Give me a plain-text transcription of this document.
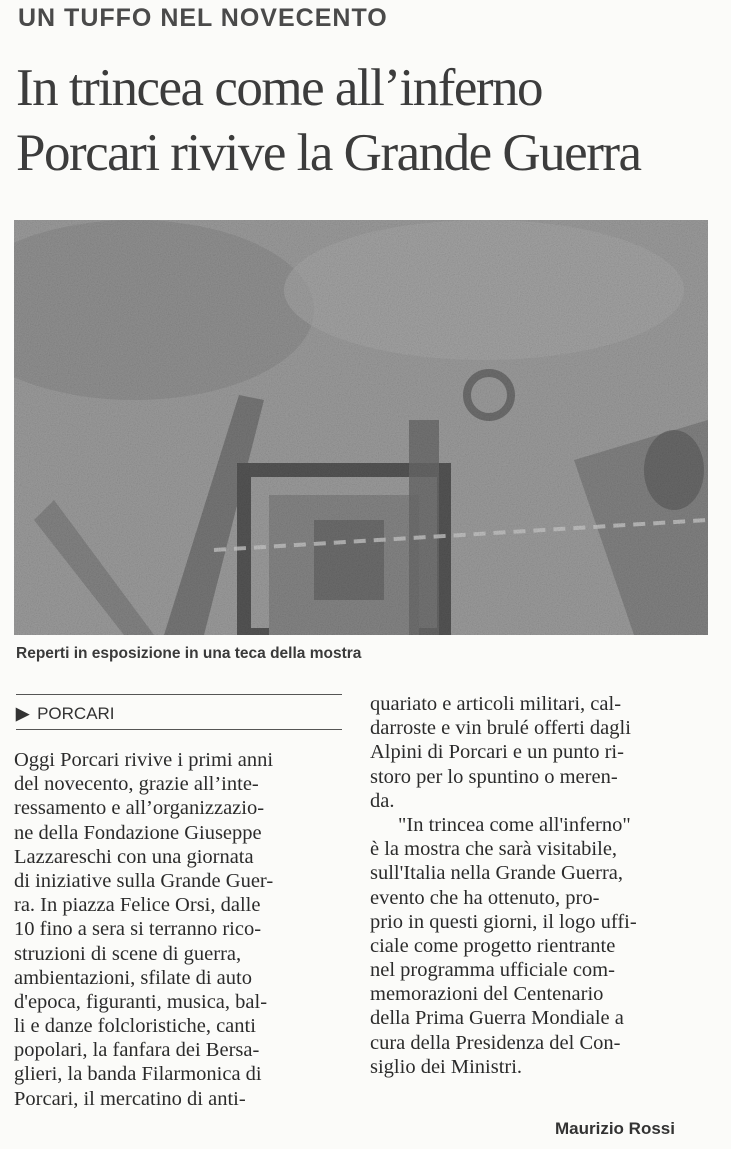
UN TUFFO NEL NOVECENTO
In trincea come all’inferno
Porcari rivive la Grande Guerra
Reperti in esposizione in una teca della mostra
▶ PORCARI
Oggi Porcari rivive i primi anni
del novecento, grazie all’inte-
ressamento e all’organizzazio-
ne della Fondazione Giuseppe
Lazzareschi con una giornata
di iniziative sulla Grande Guer-
ra. In piazza Felice Orsi, dalle
10 fino a sera si terranno rico-
struzioni di scene di guerra,
ambientazioni, sfilate di auto
d'epoca, figuranti, musica, bal-
li e danze folcloristiche, canti
popolari, la fanfara dei Bersa-
glieri, la banda Filarmonica di
Porcari, il mercatino di anti-
quariato e articoli militari, cal-
darroste e vin brulé offerti dagli
Alpini di Porcari e un punto ri-
storo per lo spuntino o meren-
da.
"In trincea come all'inferno"
è la mostra che sarà visitabile,
sull'Italia nella Grande Guerra,
evento che ha ottenuto, pro-
prio in questi giorni, il logo uffi-
ciale come progetto rientrante
nel programma ufficiale com-
memorazioni del Centenario
della Prima Guerra Mondiale a
cura della Presidenza del Con-
siglio dei Ministri.
Maurizio Rossi
